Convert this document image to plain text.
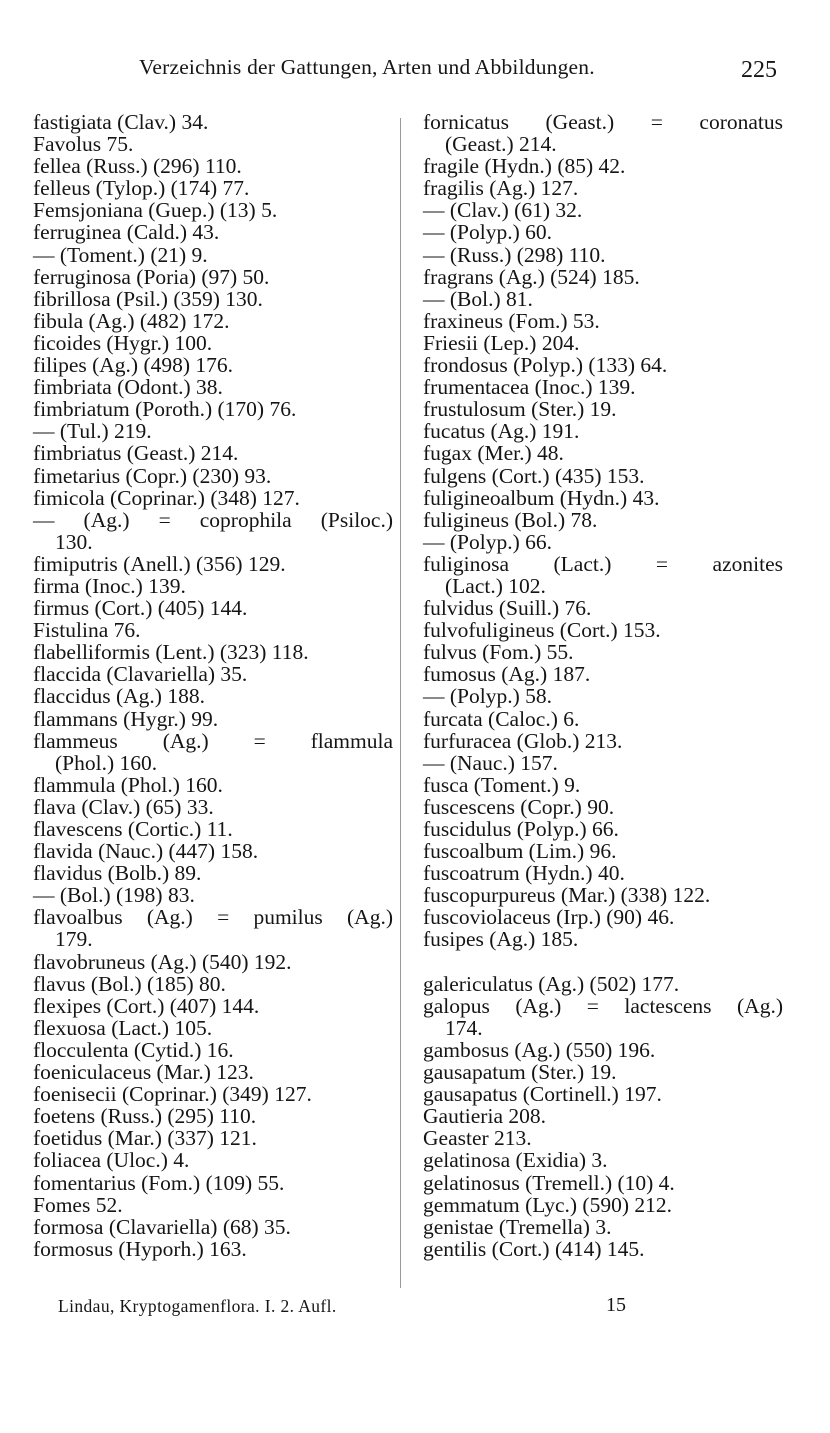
Verzeichnis der Gattungen, Arten und Abbildungen.	225
fastigiata (Clav.) 34.
Favolus 75.
fellea (Russ.) (296) 110.
felleus (Tylop.) (174) 77.
Femsjoniana (Guep.) (13) 5.
ferruginea (Cald.) 43.
— (Toment.) (21) 9.
ferruginosa (Poria) (97) 50.
fibrillosa (Psil.) (359) 130.
fibula (Ag.) (482) 172.
ficoides (Hygr.) 100.
filipes (Ag.) (498) 176.
fimbriata (Odont.) 38.
fimbriatum (Poroth.) (170) 76.
— (Tul.) 219.
fimbriatus (Geast.) 214.
fimetarius (Copr.) (230) 93.
fimicola (Coprinar.) (348) 127.
— (Ag.) = coprophila (Psiloc.)
130.
fimiputris (Anell.) (356) 129.
firma (Inoc.) 139.
firmus (Cort.) (405) 144.
Fistulina 76.
flabelliformis (Lent.) (323) 118.
flaccida (Clavariella) 35.
flaccidus (Ag.) 188.
flammans (Hygr.) 99.
flammeus (Ag.) = flammula
(Phol.) 160.
flammula (Phol.) 160.
flava (Clav.) (65) 33.
flavescens (Cortic.) 11.
flavida (Nauc.) (447) 158.
flavidus (Bolb.) 89.
— (Bol.) (198) 83.
flavoalbus (Ag.) = pumilus (Ag.)
179.
flavobruneus (Ag.) (540) 192.
flavus (Bol.) (185) 80.
flexipes (Cort.) (407) 144.
flexuosa (Lact.) 105.
flocculenta (Cytid.) 16.
foeniculaceus (Mar.) 123.
foenisecii (Coprinar.) (349) 127.
foetens (Russ.) (295) 110.
foetidus (Mar.) (337) 121.
foliacea (Uloc.) 4.
fomentarius (Fom.) (109) 55.
Fomes 52.
formosa (Clavariella) (68) 35.
formosus (Hyporh.) 163.
fornicatus (Geast.) = coronatus
(Geast.) 214.
fragile (Hydn.) (85) 42.
fragilis (Ag.) 127.
— (Clav.) (61) 32.
— (Polyp.) 60.
— (Russ.) (298) 110.
fragrans (Ag.) (524) 185.
— (Bol.) 81.
fraxineus (Fom.) 53.
Friesii (Lep.) 204.
frondosus (Polyp.) (133) 64.
frumentacea (Inoc.) 139.
frustulosum (Ster.) 19.
fucatus (Ag.) 191.
fugax (Mer.) 48.
fulgens (Cort.) (435) 153.
fuligineoalbum (Hydn.) 43.
fuligineus (Bol.) 78.
— (Polyp.) 66.
fuliginosa (Lact.) = azonites
(Lact.) 102.
fulvidus (Suill.) 76.
fulvofuligineus (Cort.) 153.
fulvus (Fom.) 55.
fumosus (Ag.) 187.
— (Polyp.) 58.
furcata (Caloc.) 6.
furfuracea (Glob.) 213.
— (Nauc.) 157.
fusca (Toment.) 9.
fuscescens (Copr.) 90.
fuscidulus (Polyp.) 66.
fuscoalbum (Lim.) 96.
fuscoatrum (Hydn.) 40.
fuscopurpureus (Mar.) (338) 122.
fuscoviolaceus (Irp.) (90) 46.
fusipes (Ag.) 185.
galericulatus (Ag.) (502) 177.
galopus (Ag.) = lactescens (Ag.)
174.
gambosus (Ag.) (550) 196.
gausapatum (Ster.) 19.
gausapatus (Cortinell.) 197.
Gautieria 208.
Geaster 213.
gelatinosa (Exidia) 3.
gelatinosus (Tremell.) (10) 4.
gemmatum (Lyc.) (590) 212.
genistae (Tremella) 3.
gentilis (Cort.) (414) 145.
Lindau, Kryptogamenflora. I. 2. Aufl.	15
